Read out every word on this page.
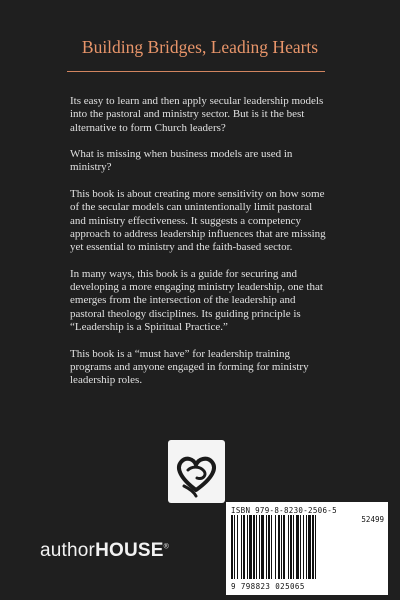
Building Bridges, Leading Hearts

Its easy to learn and then apply secular leadership models into the pastoral and ministry sector. But is it the best alternative to form Church leaders?

What is missing when business models are used in ministry?

This book is about creating more sensitivity on how some of the secular models can unintentionally limit pastoral and ministry effectiveness. It suggests a competency approach to address leadership influences that are missing yet essential to ministry and the faith-based sector.

In many ways, this book is a guide for securing and developing a more engaging ministry leadership, one that emerges from the intersection of the leadership and pastoral theology disciplines. Its guiding principle is “Leadership is a Spiritual Practice.”

This book is a “must have” for leadership training programs and anyone engaged in forming for ministry leadership roles.

authorHOUSE®
ISBN 979-8-8230-2506-5
52499
9 798823 025065
